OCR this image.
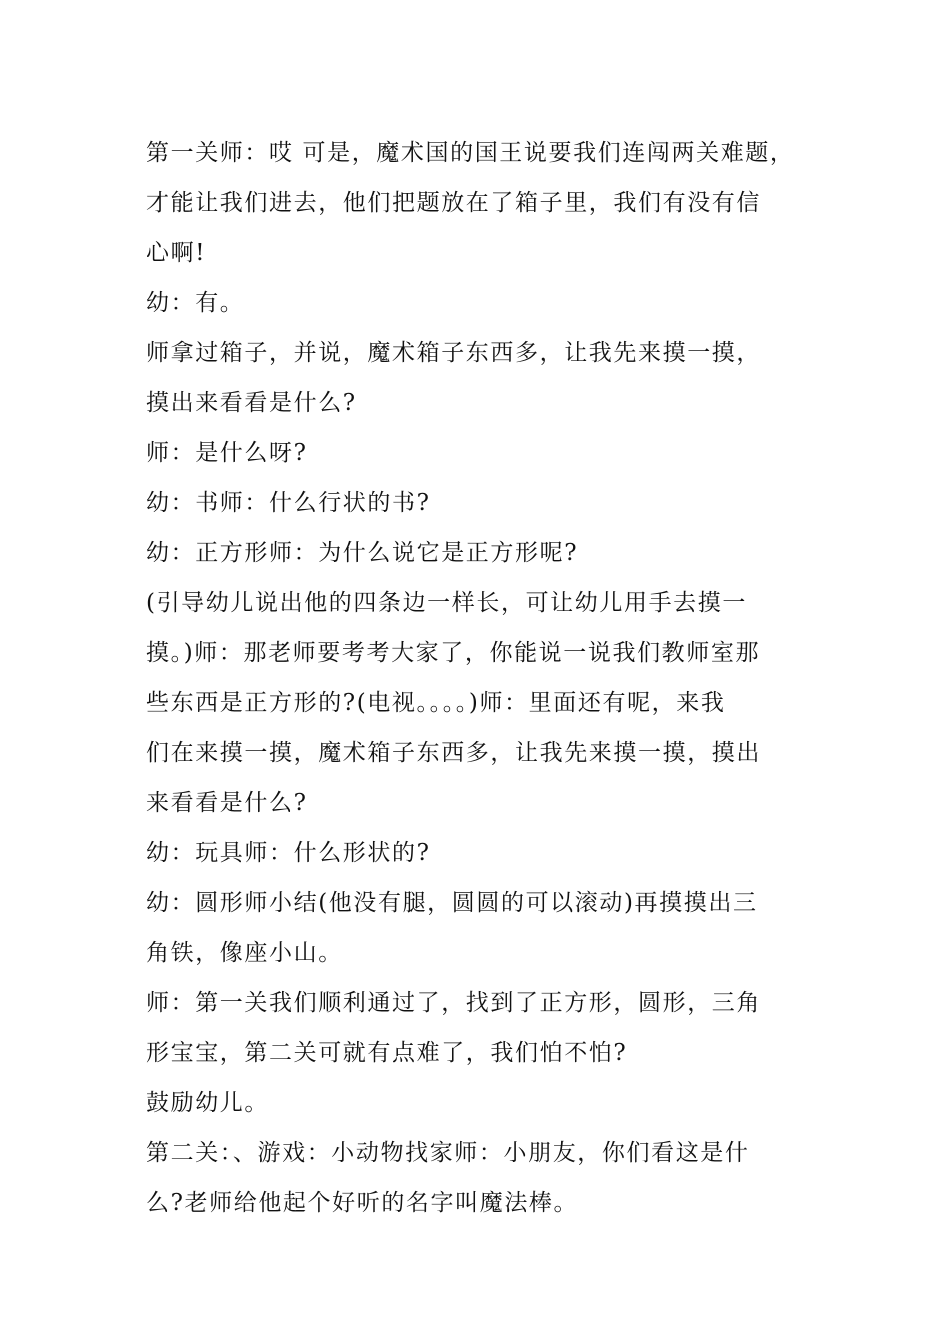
第一关师：哎 可是，魔术国的国王说要我们连闯两关难题，
才能让我们进去，他们把题放在了箱子里，我们有没有信
心啊!
幼：有。
师拿过箱子，并说，魔术箱子东西多，让我先来摸一摸，
摸出来看看是什么?
师：是什么呀?
幼：书师：什么行状的书?
幼：正方形师：为什么说它是正方形呢?
(引导幼儿说出他的四条边一样长，可让幼儿用手去摸一
摸。)师：那老师要考考大家了，你能说一说我们教师室那
些东西是正方形的?(电视。。。。)师：里面还有呢，来我
们在来摸一摸，魔术箱子东西多，让我先来摸一摸，摸出
来看看是什么?
幼：玩具师：什么形状的?
幼：圆形师小结(他没有腿，圆圆的可以滚动)再摸摸出三
角铁，像座小山。
师：第一关我们顺利通过了，找到了正方形，圆形，三角
形宝宝，第二关可就有点难了，我们怕不怕?
鼓励幼儿。
第二关：、游戏：小动物找家师：小朋友，你们看这是什
么?老师给他起个好听的名字叫魔法棒。
